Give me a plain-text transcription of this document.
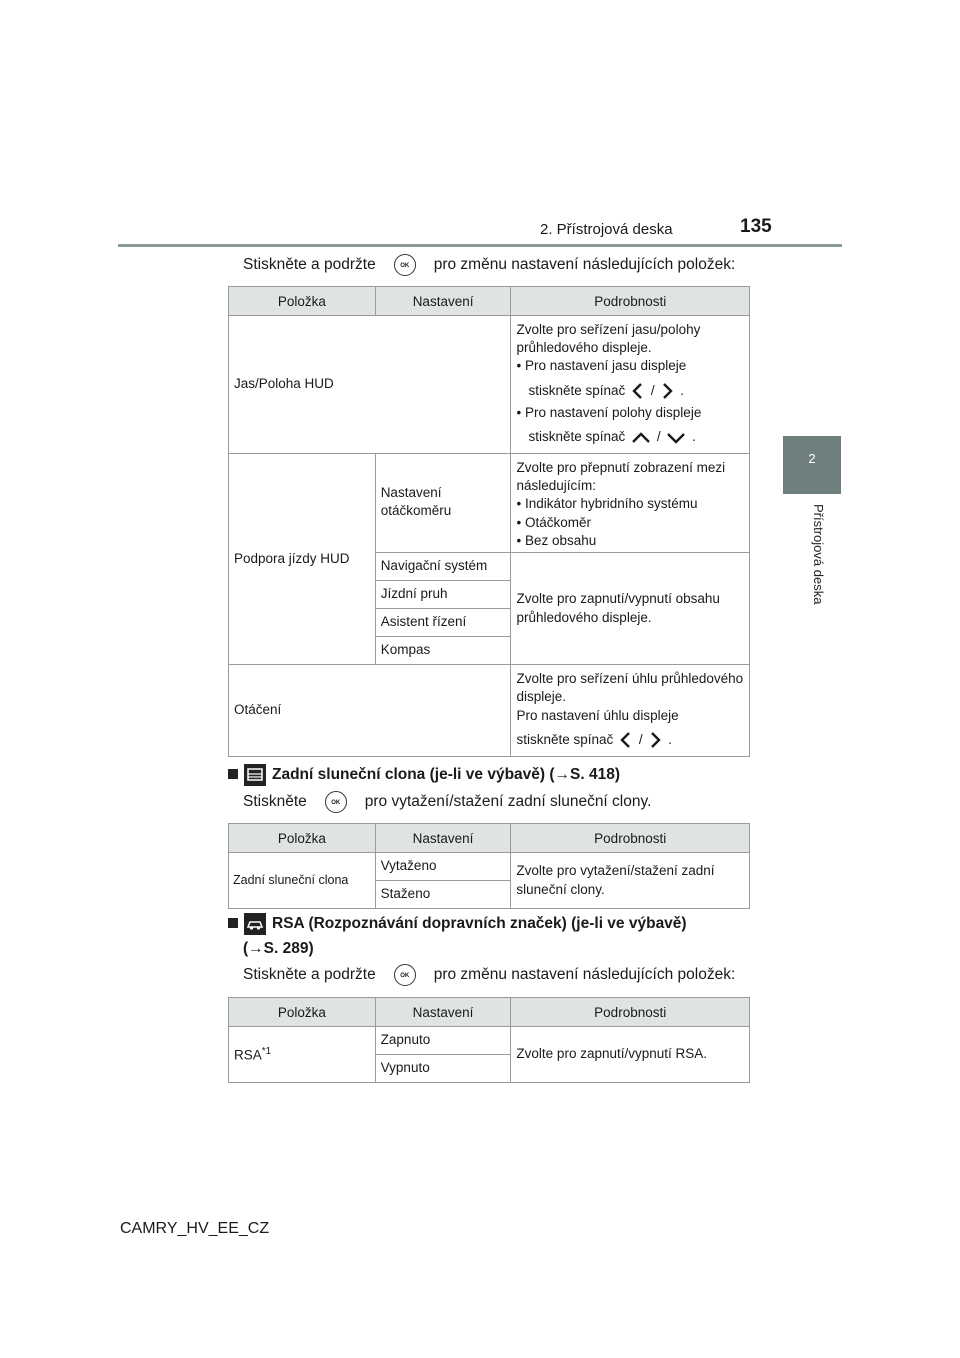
2. Přístrojová deska	135
2
Přístrojová deska
Stiskněte a podržte	OK pro změnu nastavení následujících položek:
Položka	Nastavení	Podrobnosti
Jas/Poloha HUD		Zvolte pro seřízení jasu/polohy průhledového displeje.
• Pro nastavení jasu displeje
stiskněte spínač / .
• Pro nastavení polohy displeje
stiskněte spínač / .

Podpora jízdy HUD	Nastavení otáčkoměru	Zvolte pro přepnutí zobrazení mezi následujícím:
• Indikátor hybridního systému
• Otáčkoměr
• Bez obsahu

	Navigační systém	Zvolte pro zapnutí/vypnutí obsahu průhledového displeje.
	Jízdní pruh	
	Asistent řízení	
	Kompas	
Otáčení		Zvolte pro seřízení úhlu průhledového displeje.
Pro nastavení úhlu displeje
stiskněte spínač / .
Zadní sluneční clona (je-li ve výbavě) (→S. 418)
Stiskněte	OK pro vytažení/stažení zadní sluneční clony.
Položka	Nastavení	Podrobnosti
Zadní sluneční clona	Vytaženo	Zvolte pro vytažení/stažení zadní sluneční clony.
	Staženo	
RSA (Rozpoznávání dopravních značek) (je-li ve výbavě)
(→S. 289)
Stiskněte a podržte	OK pro změnu nastavení následujících položek:
Položka	Nastavení	Podrobnosti
RSA$^{*1}$	Zapnuto	Zvolte pro zapnutí/vypnutí RSA.
	Vypnuto	
CAMRY_HV_EE_CZ
